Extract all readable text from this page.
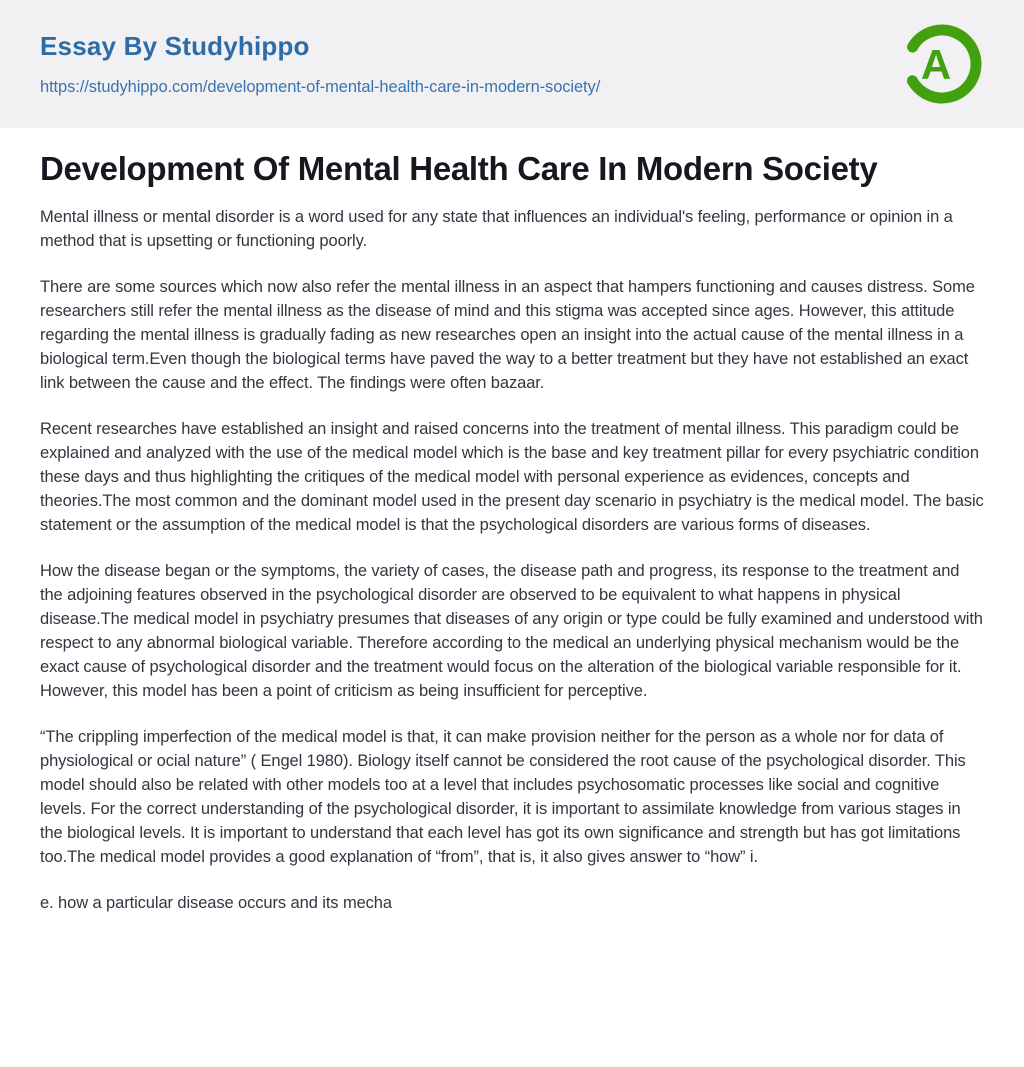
Essay By Studyhippo
https://studyhippo.com/development-of-mental-health-care-in-modern-society/	A
Development Of Mental Health Care In Modern Society

Mental illness or mental disorder is a word used for any state that influences an individual's feeling, performance or opinion in a method that is upsetting or functioning poorly.

There are some sources which now also refer the mental illness in an aspect that hampers functioning and causes distress. Some researchers still refer the mental illness as the disease of mind and this stigma was accepted since ages. However, this attitude regarding the mental illness is gradually fading as new researches open an insight into the actual cause of the mental illness in a biological term.Even though the biological terms have paved the way to a better treatment but they have not established an exact link between the cause and the effect. The findings were often bazaar.

Recent researches have established an insight and raised concerns into the treatment of mental illness. This paradigm could be explained and analyzed with the use of the medical model which is the base and key treatment pillar for every psychiatric condition these days and thus highlighting the critiques of the medical model with personal experience as evidences, concepts and theories.The most common and the dominant model used in the present day scenario in psychiatry is the medical model. The basic statement or the assumption of the medical model is that the psychological disorders are various forms of diseases.

How the disease began or the symptoms, the variety of cases, the disease path and progress, its response to the treatment and the adjoining features observed in the psychological disorder are observed to be equivalent to what happens in physical disease.The medical model in psychiatry presumes that diseases of any origin or type could be fully examined and understood with respect to any abnormal biological variable. Therefore according to the medical an underlying physical mechanism would be the exact cause of psychological disorder and the treatment would focus on the alteration of the biological variable responsible for it. However, this model has been a point of criticism as being insufficient for perceptive.

“The crippling imperfection of the medical model is that, it can make provision neither for the person as a whole nor for data of physiological or ocial nature” ( Engel 1980). Biology itself cannot be considered the root cause of the psychological disorder. This model should also be related with other models too at a level that includes psychosomatic processes like social and cognitive levels. For the correct understanding of the psychological disorder, it is important to assimilate knowledge from various stages in the biological levels. It is important to understand that each level has got its own significance and strength but has got limitations too.The medical model provides a good explanation of “from”, that is, it also gives answer to “how” i.

e. how a particular disease occurs and its mecha
